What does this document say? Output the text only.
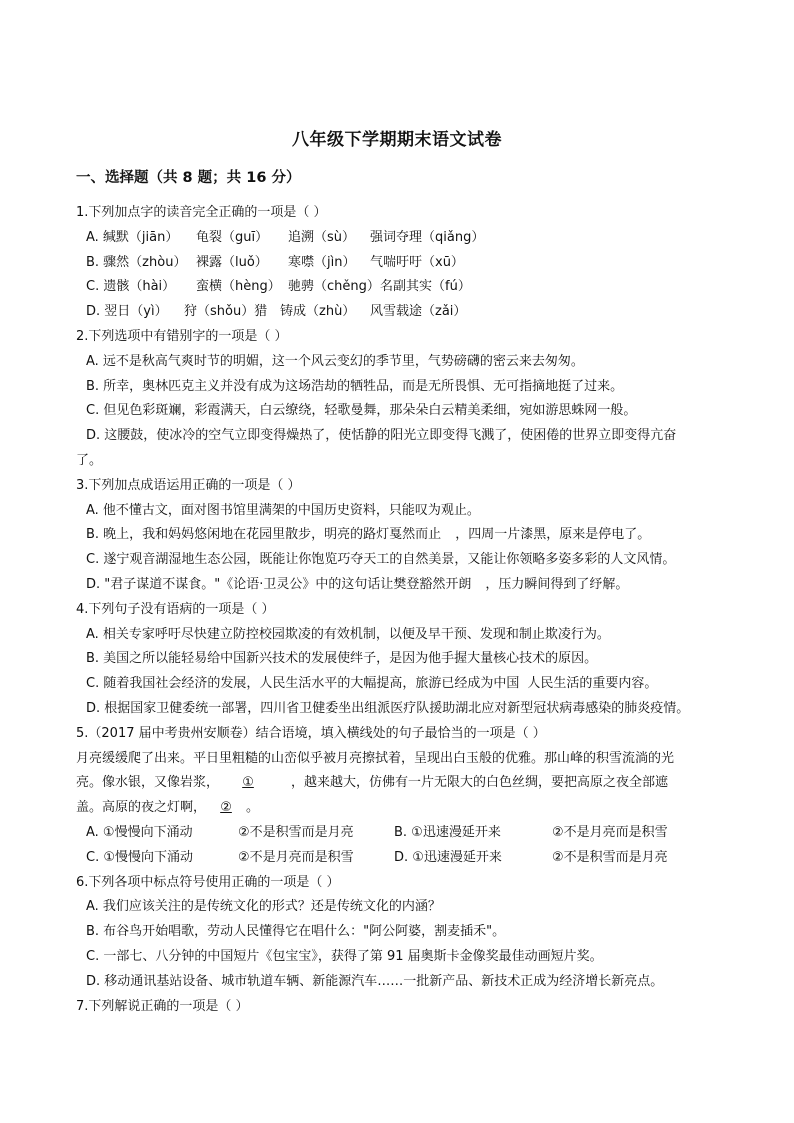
八年级下学期期末语文试卷
一、选择题（共 8 题；共 16 分）
1.下列加点字的读音完全正确的一项是（ ）
A. 缄默（jiān） 龟裂（guī） 追溯（sù） 强词夺理（qiǎng）
B. 骤然（zhòu） 裸露（luǒ） 寒噤（jìn） 气喘吁吁（xū）
C. 遗骸（hài） 蛮横（hèng） 驰骋（chěng）名副其实（fú）
D. 翌日（yì） 狩（shǒu）猎 铸成（zhù） 风雪载途（zǎi）
2.下列选项中有错别字的一项是（ ）
A. 远不是秋高气爽时节的明媚，这一个风云变幻的季节里，气势磅礴的密云来去匆匆。
B. 所幸，奥林匹克主义并没有成为这场浩劫的牺牲品，而是无所畏惧、无可指摘地挺了过来。
C. 但见色彩斑斓，彩霞满天，白云缭绕，轻歌曼舞，那朵朵白云精美柔细，宛如游思蛛网一般。
D. 这腰鼓，使冰冷的空气立即变得燥热了，使恬静的阳光立即变得飞溅了，使困倦的世界立即变得亢奋
了。
3.下列加点成语运用正确的一项是（ ）
A. 他不懂古文，面对图书馆里满架的中国历史资料，只能叹为观止。
B. 晚上，我和妈妈悠闲地在花园里散步，明亮的路灯戛然而止 ，四周一片漆黑，原来是停电了。
C. 遂宁观音湖湿地生态公园，既能让你饱览巧夺天工的自然美景，又能让你领略多姿多彩的人文风情。
D. "君子谋道不谋食。"《论语·卫灵公》中的这句话让樊登豁然开朗 ，压力瞬间得到了纾解。
4.下列句子没有语病的一项是（ ）
A. 相关专家呼吁尽快建立防控校园欺凌的有效机制，以便及早干预、发现和制止欺凌行为。
B. 美国之所以能轻易给中国新兴技术的发展使绊子，是因为他手握大量核心技术的原因。
C. 随着我国社会经济的发展，人民生活水平的大幅提高，旅游已经成为中国 人民生活的重要内容。
D. 根据国家卫健委统一部署，四川省卫健委坐出组派医疗队援助湖北应对新型冠状病毒感染的肺炎疫情。
5.（2017 届中考贵州安顺卷）结合语境，填入横线处的句子最恰当的一项是（ ）
月亮缓缓爬了出来。平日里粗糙的山峦似乎被月亮擦拭着，呈现出白玉般的优雅。那山峰的积雪流淌的光
亮。像水银，又像岩浆， ①	，越来越大，仿佛有一片无限大的白色丝绸，要把高原之夜全部遮
盖。高原的夜之灯啊， ② 。
A. ①慢慢向下涌动	②不是积雪而是月亮	B. ①迅速漫延开来	②不是月亮而是积雪
C. ①慢慢向下涌动	②不是月亮而是积雪	D. ①迅速漫延开来	②不是积雪而是月亮
6.下列各项中标点符号使用正确的一项是（ ）
A. 我们应该关注的是传统文化的形式？还是传统文化的内涵？
B. 布谷鸟开始唱歌，劳动人民懂得它在唱什么："阿公阿婆，割麦插禾"。
C. 一部七、八分钟的中国短片《包宝宝》，获得了第 91 届奥斯卡金像奖最佳动画短片奖。
D. 移动通讯基站设备、城市轨道车辆、新能源汽车……一批新产品、新技术正成为经济增长新亮点。
7.下列解说正确的一项是（ ）
